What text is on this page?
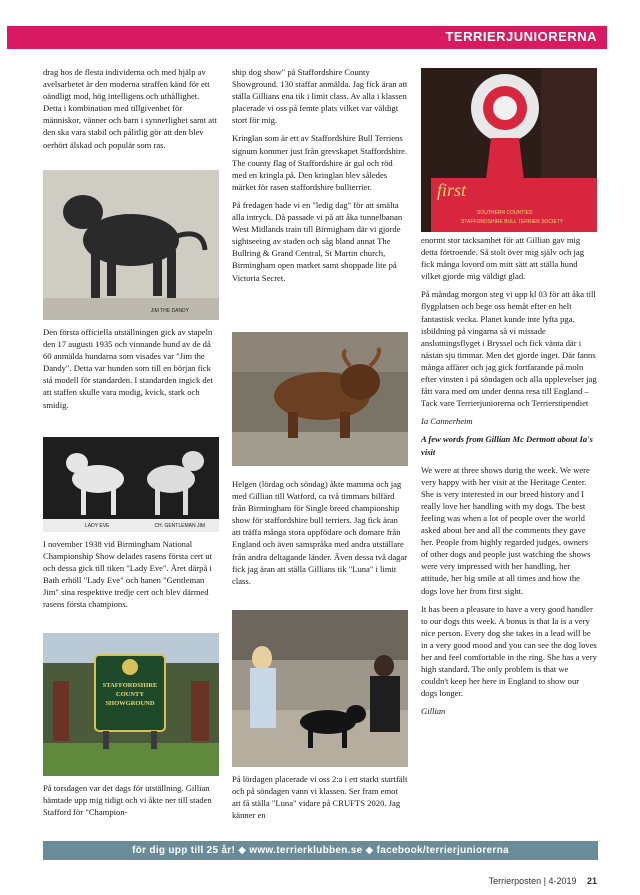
TERRIERJUNIORERNA

drag hos de flesta individerna och med hjälp av avelsarbetet är den moderna straffen känd för ett oändligt mod, hög intelligens och uthållighet. Detta i kombination med tillgivenhet för människor, vänner och barn i synnerlighet samt att den ska vara stabil och pålitlig gör att den blev oerhört älskad och populär som ras.

JIM THE DANDY

Den första officiella utställningen gick av stapeln den 17 augusti 1935 och vinnande hund av de då 60 anmälda hundarna som visades var "Jim the Dandy". Detta var hunden som till en början fick stå modell för standarden. I standarden ingick det att staffen skulle vara modig, kvick, stark och smidig.

LADY EVE	CH. GENTLEMAN JIM

I november 1938 vid Birmingham National Championship Show delades rasens första cert ut och dessa gick till tiken "Lady Eve". Året därpå i Bath erhöll "Lady Eve" och hanen "Gentleman Jim" sina respektive tredje cert och blev därmed rasens första champions.

STAFFORDSHIRE
COUNTY
SHOWGROUND

På torsdagen var det dags för utställning. Gillian hämtade upp mig tidigt och vi åkte ner till staden Stafford för "Champion-

ship dog show" på Staffordshire County Showground. 130 staffar anmälda. Jag fick äran att ställa Gillians ena tik i limit class. Av alla i klassen placerade vi oss på femte plats vilket var väldigt stort för mig.

Kringlan som är ett av Staffordshire Bull Terriens signum kommer just från grevskapet Staffordshire. The county flag of Staffordshire är gul och röd med en kringla på. Den kringlan blev således märket för rasen staffordshire bullterrier.

På fredagen hade vi en "ledig dag" för att smälta alla intryck. Då passade vi på att åka tunnelbanan West Midlands train till Birmigham där vi gjorde sightseeing av staden och såg bland annat The Bullring & Grand Central, St Martin church, Birmingham open market samt shoppade lite på Victoria Secret.

Helgen (lördag och söndag) åkte mamma och jag med Gillian till Watford, ca två timmars bilfärd från Birmingham för Single breed championship show för staffordshire bull terriers. Jag fick äran att träffa många stora uppfödare och domare från England och även samspråka med andra utställare från andra deltagande länder. Även dessa två dagar fick jag äran att ställa Gillians tik "Luna" i limit class.

På lördagen placerade vi oss 2:a i ett starkt startfält och på söndagen vann vi klassen. Ser fram emot att få ställa "Luna" vidare på CRUFTS 2020. Jag känner en

first
SOUTHERN COUNTIES
STAFFORDSHIRE BULL TERRIER SOCIETY

enormt stor tacksamhet för att Gillian gav mig detta förtroende. Så stolt över mig själv och jag fick många lovord om mitt sätt att ställa hund vilket gjorde mig väldigt glad.

På måndag morgon steg vi upp kl 03 för att åka till flygplatsen och bege oss hemåt efter en helt fantastisk vecka. Planet kunde inte lyfta pga. isbildning på vingarna så vi missade anslutningsflyget i Bryssel och fick vänta där i nästan sju timmar. Men det gjorde inget. Där fanns många affärer och jag gick fortfarande på moln efter vinsten i på söndagen och alla upplevelser jag fått vara med om under denna resa till England – Tack vare Terrierjuniorerna och Terrierstipendiet

Ia Cannerheim

A few words from Gillian Mc Dermott about Ia's visit

We were at three shows durig the week. We were very happy with her visit at the Heritage Center. She is very interested in our breed history and I really love her handling with my dogs. The best feeling was when a lot of people over the world asked about her and all the comments they gave her. People from highly regarded judges, owners of other dogs and people just watching the shows were very impressed with her handling, her attitude, her big smile at all times and how the dogs love her from first sight.

It has been a pleasure to have a very good handler to our dogs this week. A bonus is that Ia is a very nice person. Every dog she takes in a lead will be in a very good mood and you can see the dog loves her and feel comfortable in the ring. She has a very high standard. The only problem is that we couldn't keep her here in England to show our dogs longer.

Gillian

för dig upp till 25 år! ◆ www.terrierklubben.se ◆ facebook/terrierjuniorerna
Terrierposten | 4-2019 21
